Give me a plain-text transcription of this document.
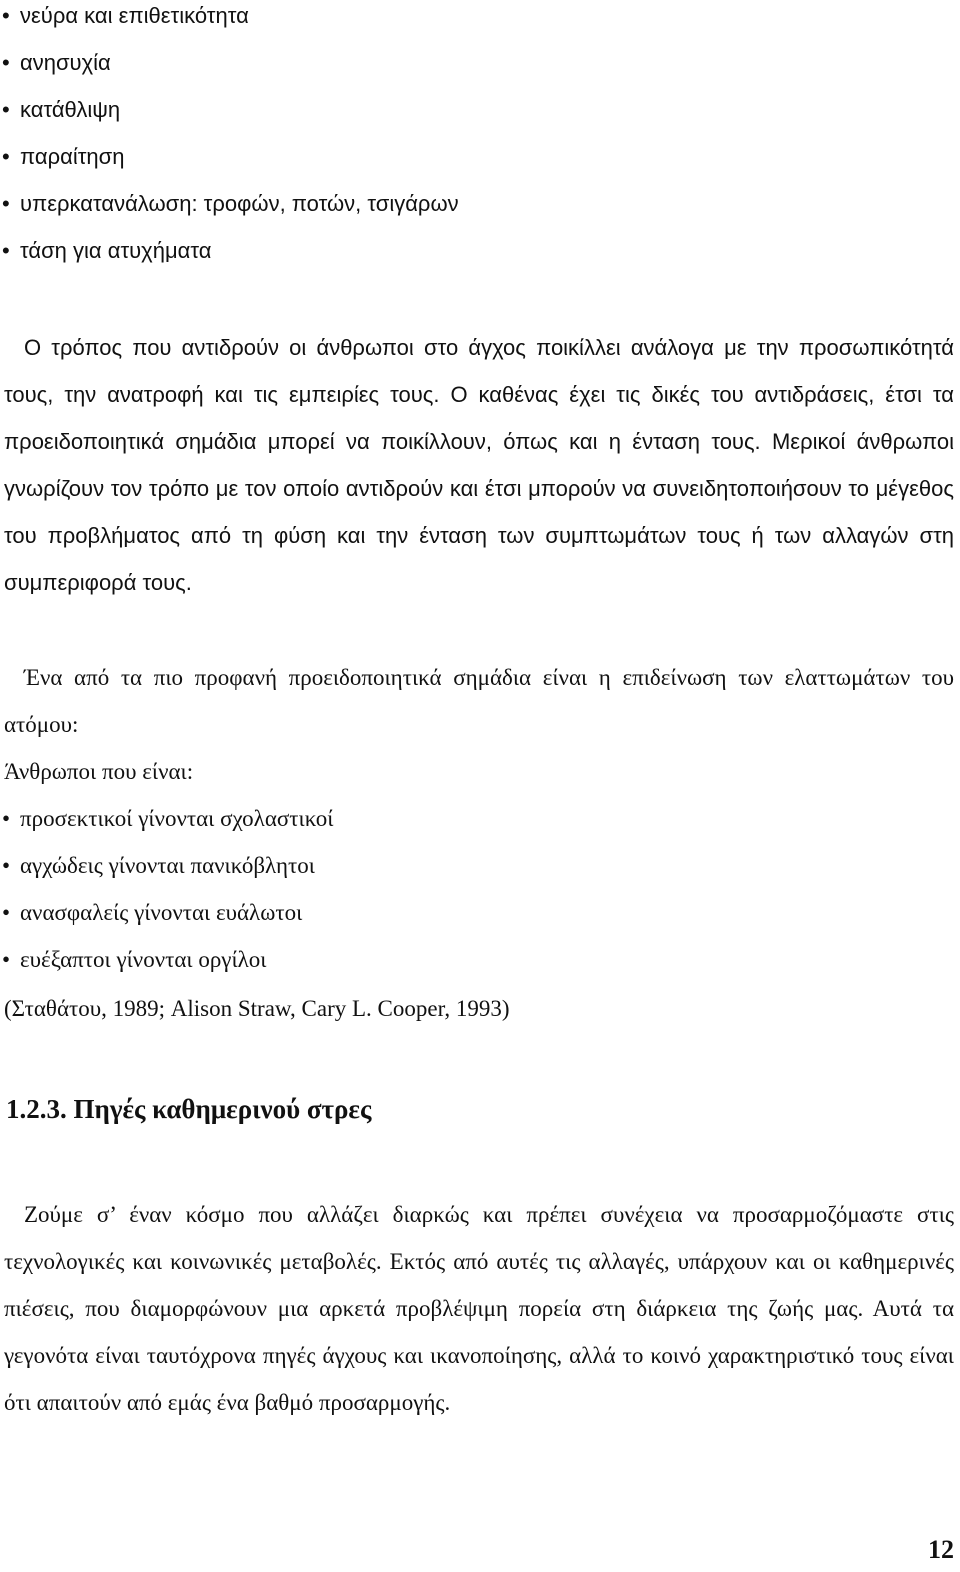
• νεύρα και επιθετικότητα
• ανησυχία
• κατάθλιψη
• παραίτηση
• υπερκατανάλωση: τροφών, ποτών, τσιγάρων
• τάση για ατυχήματα

Ο τρόπος που αντιδρούν οι άνθρωποι στο άγχος ποικίλλει ανάλογα με την προσωπικότητά τους, την ανατροφή και τις εμπειρίες τους. Ο καθένας έχει τις δικές του αντιδράσεις, έτσι τα προειδοποιητικά σημάδια μπορεί να ποικίλλουν, όπως και η ένταση τους. Μερικοί άνθρωποι γνωρίζουν τον τρόπο με τον οποίο αντιδρούν και έτσι μπορούν να συνειδητοποιήσουν το μέγεθος του προβλήματος από τη φύση και την ένταση των συμπτωμάτων τους ή των αλλαγών στη συμπεριφορά τους.

Ένα από τα πιο προφανή προειδοποιητικά σημάδια είναι η επιδείνωση των ελαττωμάτων του ατόμου:

Άνθρωποι που είναι:

• προσεκτικοί γίνονται σχολαστικοί
• αγχώδεις γίνονται πανικόβλητοι
• ανασφαλείς γίνονται ευάλωτοι
• ευέξαπτοι γίνονται οργίλοι

(Σταθάτου, 1989; Alison Straw, Cary L. Cooper, 1993)

1.2.3. Πηγές καθημερινού στρες

Ζούμε σ’ έναν κόσμο που αλλάζει διαρκώς και πρέπει συνέχεια να προσαρμοζόμαστε στις τεχνολογικές και κοινωνικές μεταβολές. Εκτός από αυτές τις αλλαγές, υπάρχουν και οι καθημερινές πιέσεις, που διαμορφώνουν μια αρκετά προβλέψιμη πορεία στη διάρκεια της ζωής μας. Αυτά τα γεγονότα είναι ταυτόχρονα πηγές άγχους και ικανοποίησης, αλλά το κοινό χαρακτηριστικό τους είναι ότι απαιτούν από εμάς ένα βαθμό προσαρμογής.

12
